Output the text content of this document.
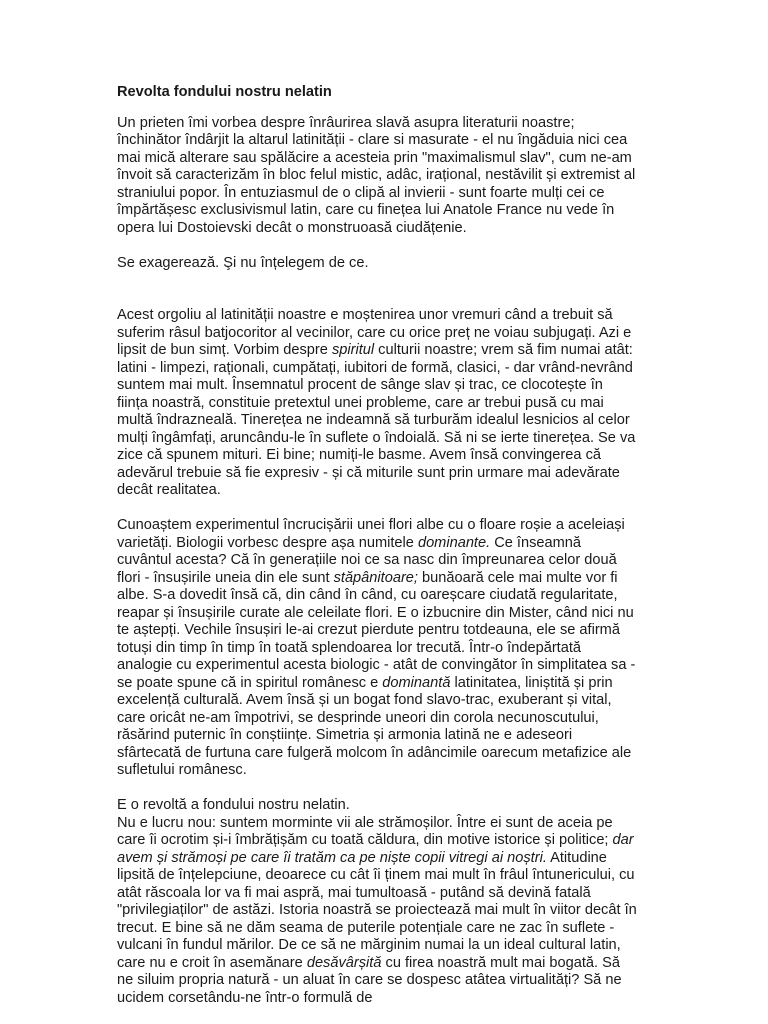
Revolta fondului nostru nelatin

Un prieten îmi vorbea despre înrâurirea slavă asupra literaturii noastre; închinător îndârjit la altarul latinității - clare si masurate - el nu îngăduia nici cea mai mică alterare sau spălăcire a acesteia prin "maximalismul slav", cum ne-am învoit să caracterizăm în bloc felul mistic, adâc, irațional, nestăvilit și extremist al straniului popor. În entuziasmul de o clipă al invierii - sunt foarte mulți cei ce împărtășesc exclusivismul latin, care cu finețea lui Anatole France nu vede în opera lui Dostoievski decât o monstruoasă ciudățenie.

Se exagerează. Şi nu înțelegem de ce.

Acest orgoliu al latinității noastre e moștenirea unor vremuri când a trebuit să suferim râsul batjocoritor al vecinilor, care cu orice preț ne voiau subjugați. Azi e lipsit de bun simț. Vorbim despre spiritul culturii noastre; vrem să fim numai atât: latini - limpezi, raționali, cumpătați, iubitori de formă, clasici, - dar vrând-nevrând suntem mai mult. Însemnatul procent de sânge slav și trac, ce clocotește în ființa noastră, constituie pretextul unei probleme, care ar trebui pusă cu mai multă îndrazneală. Tinerețea ne indeamnă să turburăm idealul lesnicios al celor mulți îngâmfați, aruncându-le în suflete o îndoială. Să ni se ierte tinerețea. Se va zice că spunem mituri. Ei bine; numiți-le basme. Avem însă convingerea că adevărul trebuie să fie expresiv - și că miturile sunt prin urmare mai adevărate decât realitatea.

Cunoaștem experimentul încrucișării unei flori albe cu o floare roșie a aceleiași varietăți. Biologii vorbesc despre așa numitele dominante. Ce înseamnă cuvântul acesta? Că în generațiile noi ce sa nasc din împreunarea celor două flori - însușirile uneia din ele sunt stăpânitoare; bunăoară cele mai multe vor fi albe. S-a dovedit însă că, din când în când, cu oareșcare ciudată regularitate, reapar și însușirile curate ale celeilate flori. E o izbucnire din Mister, când nici nu te aștepți. Vechile însușiri le-ai crezut pierdute pentru totdeauna, ele se afirmă totuși din timp în timp în toată splendoarea lor trecută. Într-o îndepărtată analogie cu experimentul acesta biologic - atât de convingător în simplitatea sa - se poate spune că in spiritul românesc e dominantă latinitatea, liniștită și prin excelență culturală. Avem însă și un bogat fond slavo-trac, exuberant și vital, care oricât ne-am împotrivi, se desprinde uneori din corola necunoscutului, răsărind puternic în conștiințe. Simetria și armonia latină ne e adeseori sfârtecată de furtuna care fulgeră molcom în adâncimile oarecum metafizice ale sufletului românesc.

E o revoltă a fondului nostru nelatin.

Nu e lucru nou: suntem morminte vii ale strămoșilor. Între ei sunt de aceia pe care îi ocrotim și-i îmbrățișăm cu toată căldura, din motive istorice și politice; dar avem și strămoși pe care îi tratăm ca pe niște copii vitregi ai noștri. Atitudine lipsită de înțelepciune, deoarece cu cât îi ținem mai mult în frâul întunericului, cu atât răscoala lor va fi mai aspră, mai tumultoasă - putând să devină fatală "privilegiaților" de astăzi. Istoria noastră se proiectează mai mult în viitor decât în trecut. E bine să ne dăm seama de puterile potențiale care ne zac în suflete - vulcani în fundul mărilor. De ce să ne mărginim numai la un ideal cultural latin, care nu e croit în asemănare desăvârșită cu firea noastră mult mai bogată. Să ne siluim propria natură - un aluat în care se dospesc atâtea virtualități? Să ne ucidem corsetându-ne într-o formulă de
